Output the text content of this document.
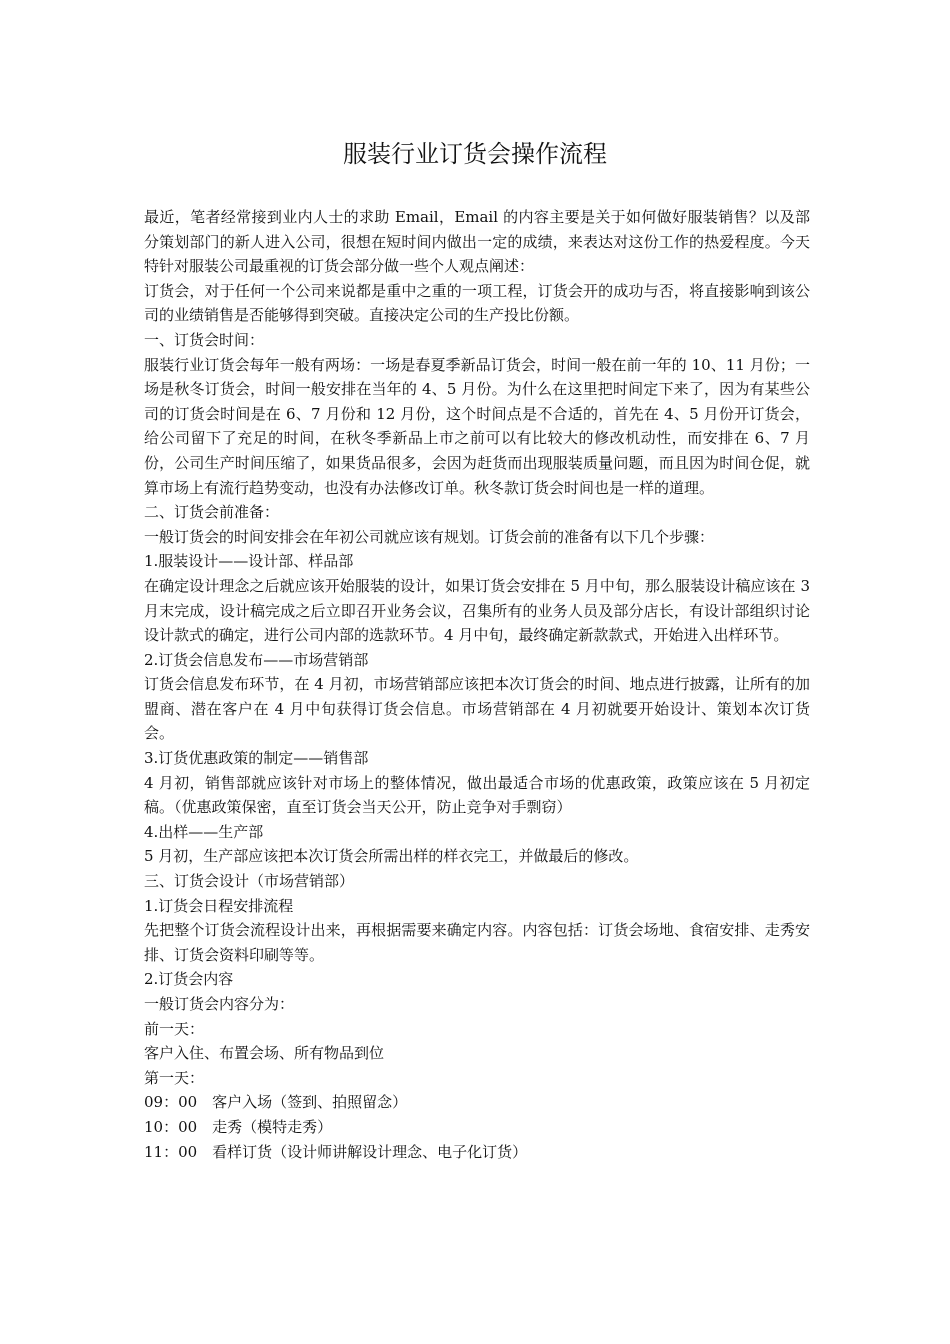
服装行业订货会操作流程

最近，笔者经常接到业内人士的求助 Email，Email 的内容主要是关于如何做好服装销售？以及部分策划部门的新人进入公司，很想在短时间内做出一定的成绩，来表达对这份工作的热爱程度。今天特针对服装公司最重视的订货会部分做一些个人观点阐述：

订货会，对于任何一个公司来说都是重中之重的一项工程，订货会开的成功与否，将直接影响到该公司的业绩销售是否能够得到突破。直接决定公司的生产投比份额。

一、订货会时间：

服装行业订货会每年一般有两场：一场是春夏季新品订货会，时间一般在前一年的 10、11 月份；一场是秋冬订货会，时间一般安排在当年的 4、5 月份。为什么在这里把时间定下来了，因为有某些公司的订货会时间是在 6、7 月份和 12 月份，这个时间点是不合适的，首先在 4、5 月份开订货会，给公司留下了充足的时间，在秋冬季新品上市之前可以有比较大的修改机动性，而安排在 6、7 月份，公司生产时间压缩了，如果货品很多，会因为赶货而出现服装质量问题，而且因为时间仓促，就算市场上有流行趋势变动，也没有办法修改订单。秋冬款订货会时间也是一样的道理。

二、订货会前准备：

一般订货会的时间安排会在年初公司就应该有规划。订货会前的准备有以下几个步骤：

1.服装设计——设计部、样品部

在确定设计理念之后就应该开始服装的设计，如果订货会安排在 5 月中旬，那么服装设计稿应该在 3 月末完成，设计稿完成之后立即召开业务会议，召集所有的业务人员及部分店长，有设计部组织讨论设计款式的确定，进行公司内部的选款环节。4 月中旬，最终确定新款款式，开始进入出样环节。

2.订货会信息发布——市场营销部

订货会信息发布环节，在 4 月初，市场营销部应该把本次订货会的时间、地点进行披露，让所有的加盟商、潜在客户在 4 月中旬获得订货会信息。市场营销部在 4 月初就要开始设计、策划本次订货会。

3.订货优惠政策的制定——销售部

4 月初，销售部就应该针对市场上的整体情况，做出最适合市场的优惠政策，政策应该在 5 月初定稿。（优惠政策保密，直至订货会当天公开，防止竞争对手剽窃）

4.出样——生产部

5 月初，生产部应该把本次订货会所需出样的样衣完工，并做最后的修改。

三、订货会设计（市场营销部）

1.订货会日程安排流程

先把整个订货会流程设计出来，再根据需要来确定内容。内容包括：订货会场地、食宿安排、走秀安排、订货会资料印刷等等。

2.订货会内容

一般订货会内容分为：

前一天：

客户入住、布置会场、所有物品到位

第一天：

09：00　客户入场（签到、拍照留念）

10：00　走秀（模特走秀）

11：00　看样订货（设计师讲解设计理念、电子化订货）
